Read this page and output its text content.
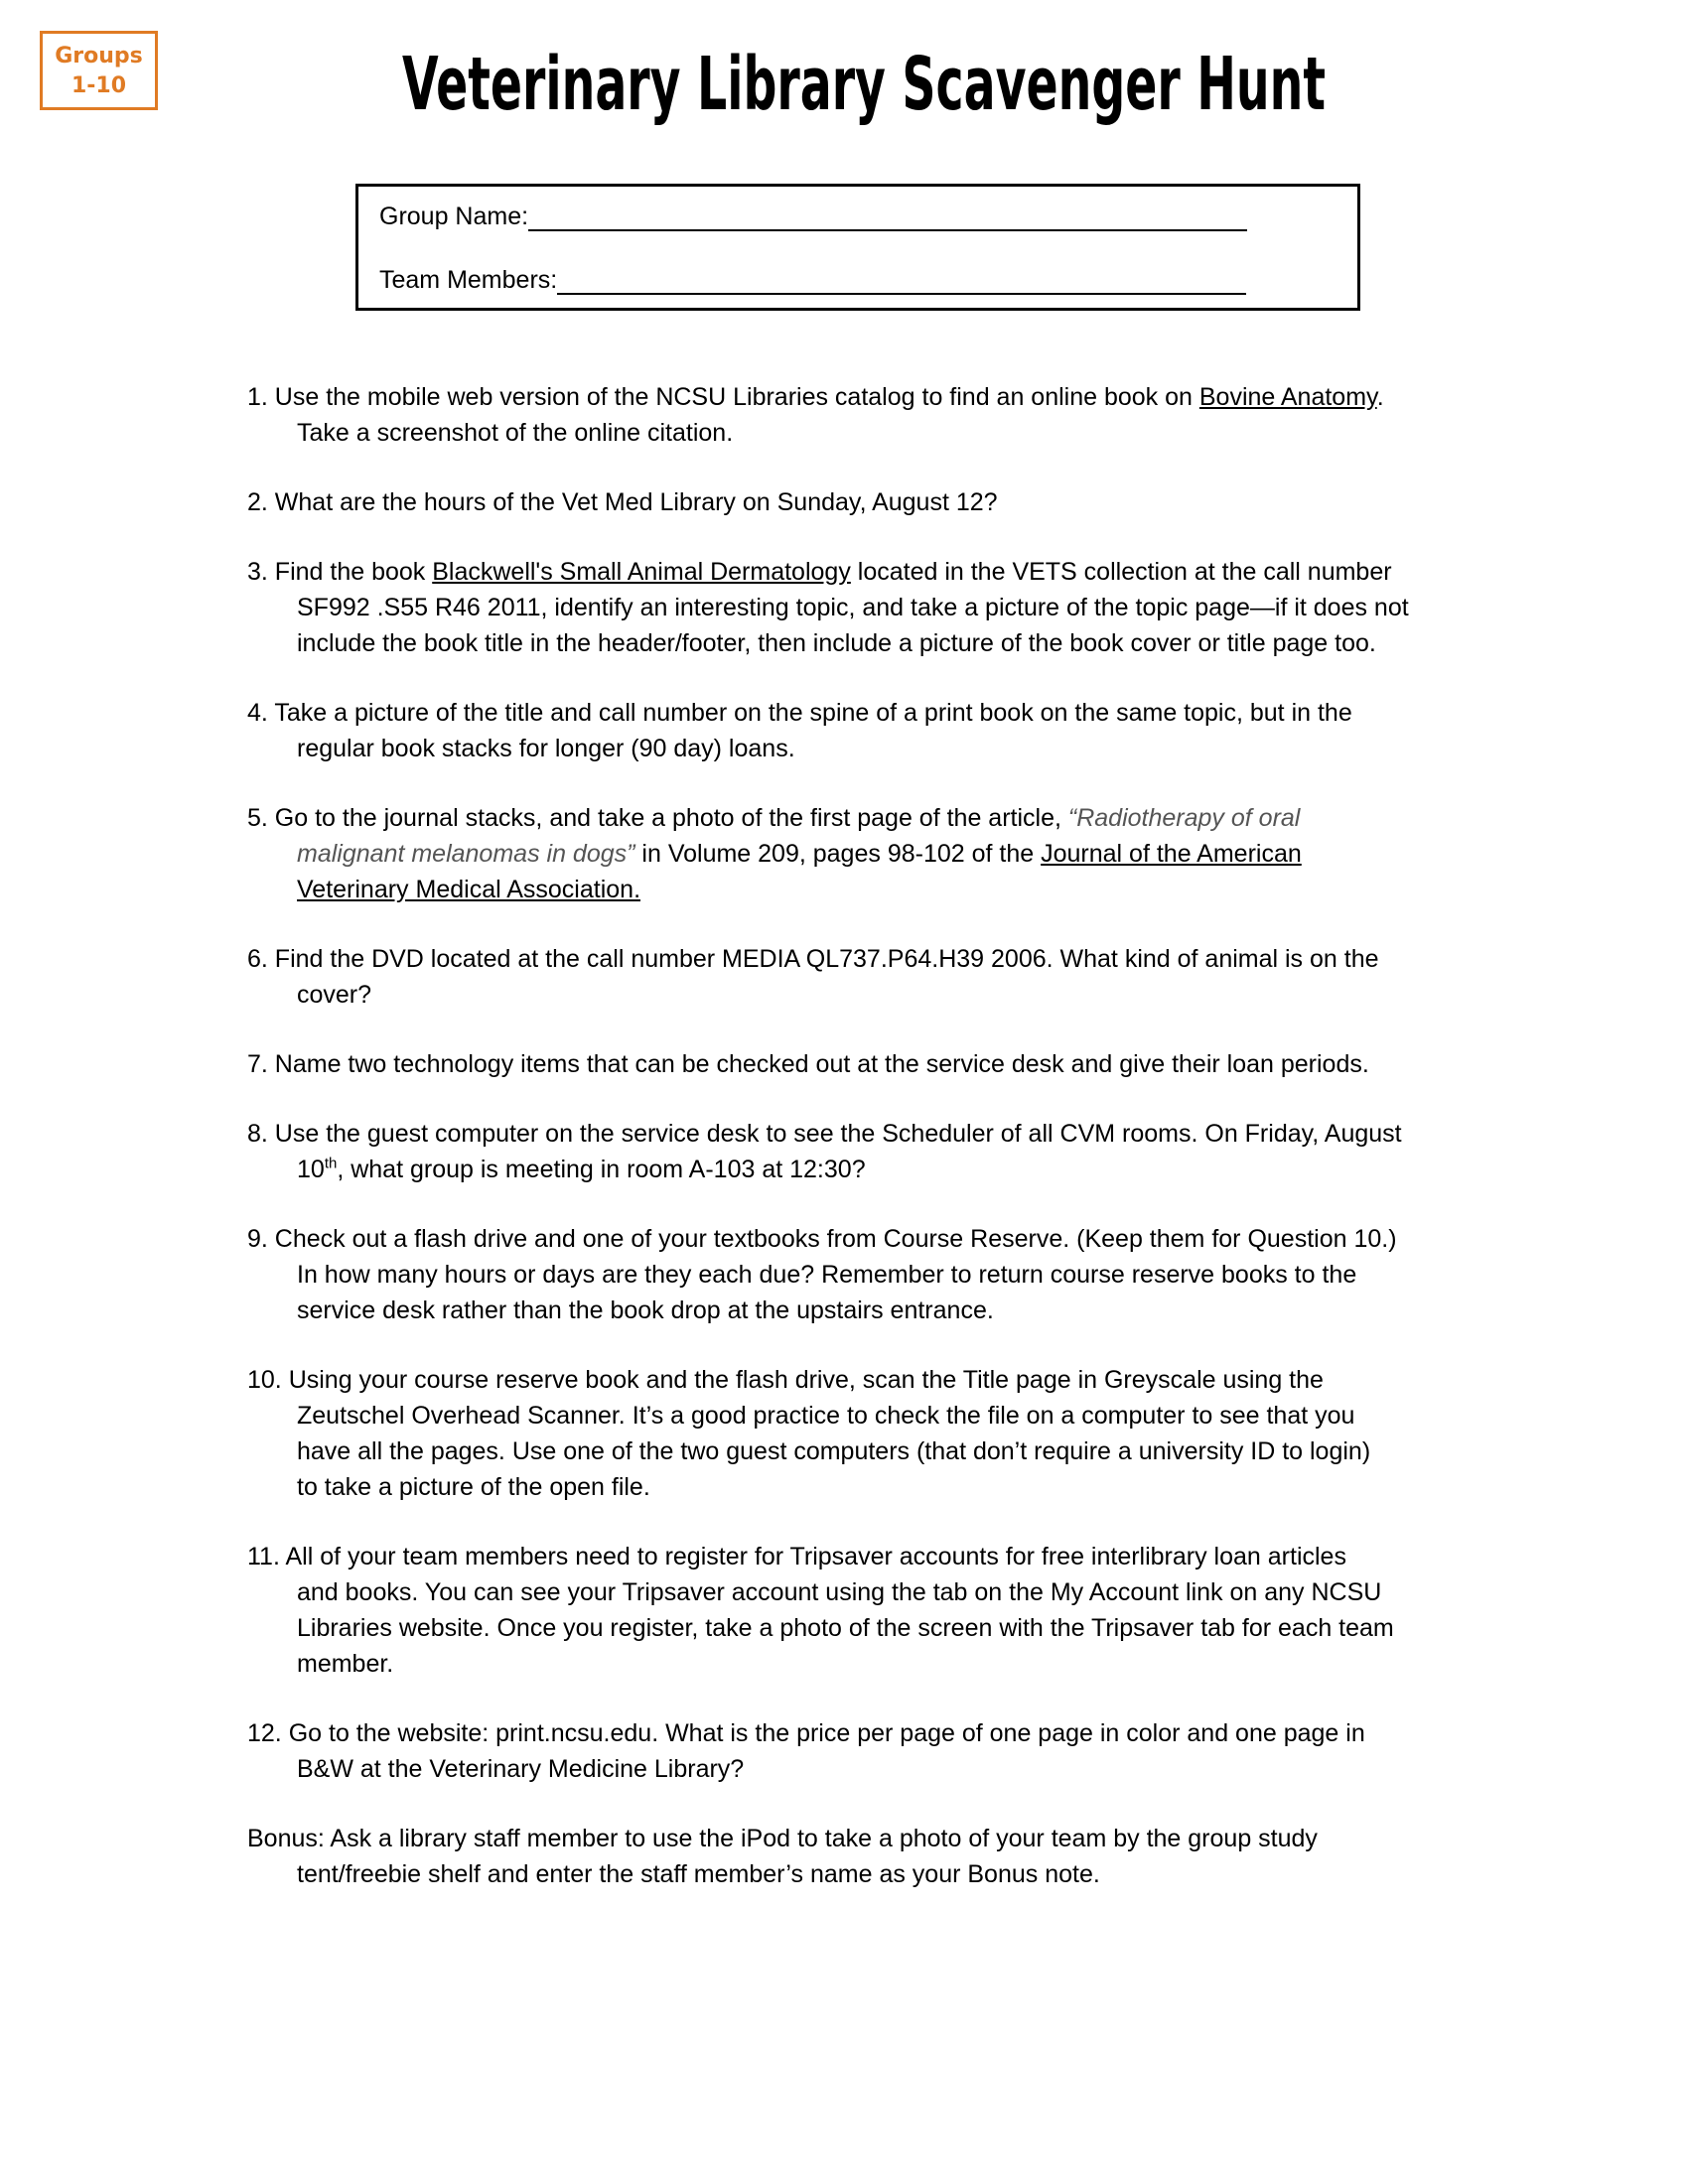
Groups
1-10	Veterinary Library Scavenger Hunt
Group Name:
Team Members:

1. Use the mobile web version of the NCSU Libraries catalog to find an online book on Bovine Anatomy.
Take a screenshot of the online citation.

2. What are the hours of the Vet Med Library on Sunday, August 12?

3. Find the book Blackwell's Small Animal Dermatology located in the VETS collection at the call number
SF992 .S55 R46 2011, identify an interesting topic, and take a picture of the topic page—if it does not
include the book title in the header/footer, then include a picture of the book cover or title page too.

4. Take a picture of the title and call number on the spine of a print book on the same topic, but in the
regular book stacks for longer (90 day) loans.

5. Go to the journal stacks, and take a photo of the first page of the article, “Radiotherapy of oral
malignant melanomas in dogs” in Volume 209, pages 98-102 of the Journal of the American
Veterinary Medical Association.

6. Find the DVD located at the call number MEDIA QL737.P64.H39 2006. What kind of animal is on the
cover?

7. Name two technology items that can be checked out at the service desk and give their loan periods.

8. Use the guest computer on the service desk to see the Scheduler of all CVM rooms. On Friday, August
10th, what group is meeting in room A-103 at 12:30?

9. Check out a flash drive and one of your textbooks from Course Reserve. (Keep them for Question 10.)
In how many hours or days are they each due? Remember to return course reserve books to the
service desk rather than the book drop at the upstairs entrance.

10. Using your course reserve book and the flash drive, scan the Title page in Greyscale using the
Zeutschel Overhead Scanner. It’s a good practice to check the file on a computer to see that you
have all the pages. Use one of the two guest computers (that don’t require a university ID to login)
to take a picture of the open file.

11. All of your team members need to register for Tripsaver accounts for free interlibrary loan articles
and books. You can see your Tripsaver account using the tab on the My Account link on any NCSU
Libraries website. Once you register, take a photo of the screen with the Tripsaver tab for each team
member.

12. Go to the website: print.ncsu.edu. What is the price per page of one page in color and one page in
B&W at the Veterinary Medicine Library?

Bonus: Ask a library staff member to use the iPod to take a photo of your team by the group study
tent/freebie shelf and enter the staff member’s name as your Bonus note.
